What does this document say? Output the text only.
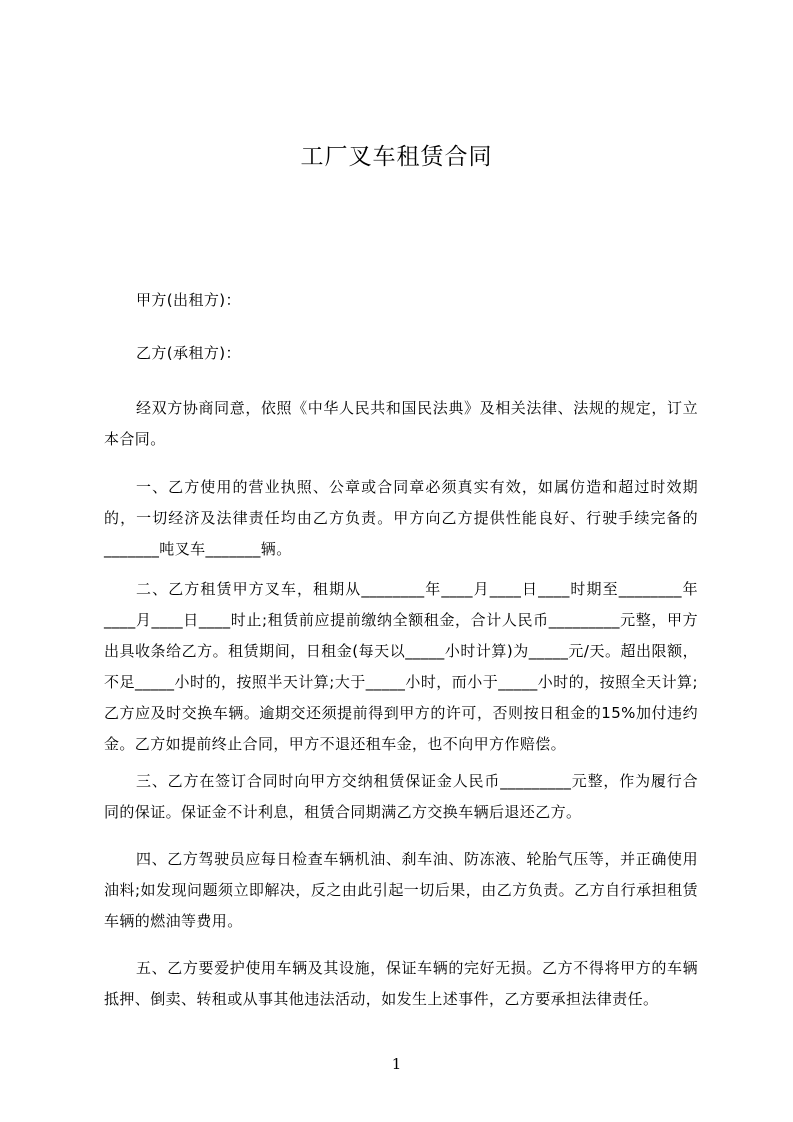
工厂叉车租赁合同

甲方(出租方)：

乙方(承租方)：

经双方协商同意，依照《中华人民共和国民法典》及相关法律、法规的规定，订立本合同。

一、乙方使用的营业执照、公章或合同章必须真实有效，如属仿造和超过时效期的，一切经济及法律责任均由乙方负责。甲方向乙方提供性能良好、行驶手续完备的_______吨叉车_______辆。

二、乙方租赁甲方叉车，租期从________年____月____日____时期至________年____月____日____时止;租赁前应提前缴纳全额租金，合计人民币_________元整，甲方出具收条给乙方。租赁期间，日租金(每天以_____小时计算)为_____元/天。超出限额，不足_____小时的，按照半天计算;大于_____小时，而小于_____小时的，按照全天计算;乙方应及时交换车辆。逾期交还须提前得到甲方的许可，否则按日租金的15%加付违约金。乙方如提前终止合同，甲方不退还租车金，也不向甲方作赔偿。

三、乙方在签订合同时向甲方交纳租赁保证金人民币_________元整，作为履行合同的保证。保证金不计利息，租赁合同期满乙方交换车辆后退还乙方。

四、乙方驾驶员应每日检查车辆机油、刹车油、防冻液、轮胎气压等，并正确使用油料;如发现问题须立即解决，反之由此引起一切后果，由乙方负责。乙方自行承担租赁车辆的燃油等费用。

五、乙方要爱护使用车辆及其设施，保证车辆的完好无损。乙方不得将甲方的车辆抵押、倒卖、转租或从事其他违法活动，如发生上述事件，乙方要承担法律责任。

1
